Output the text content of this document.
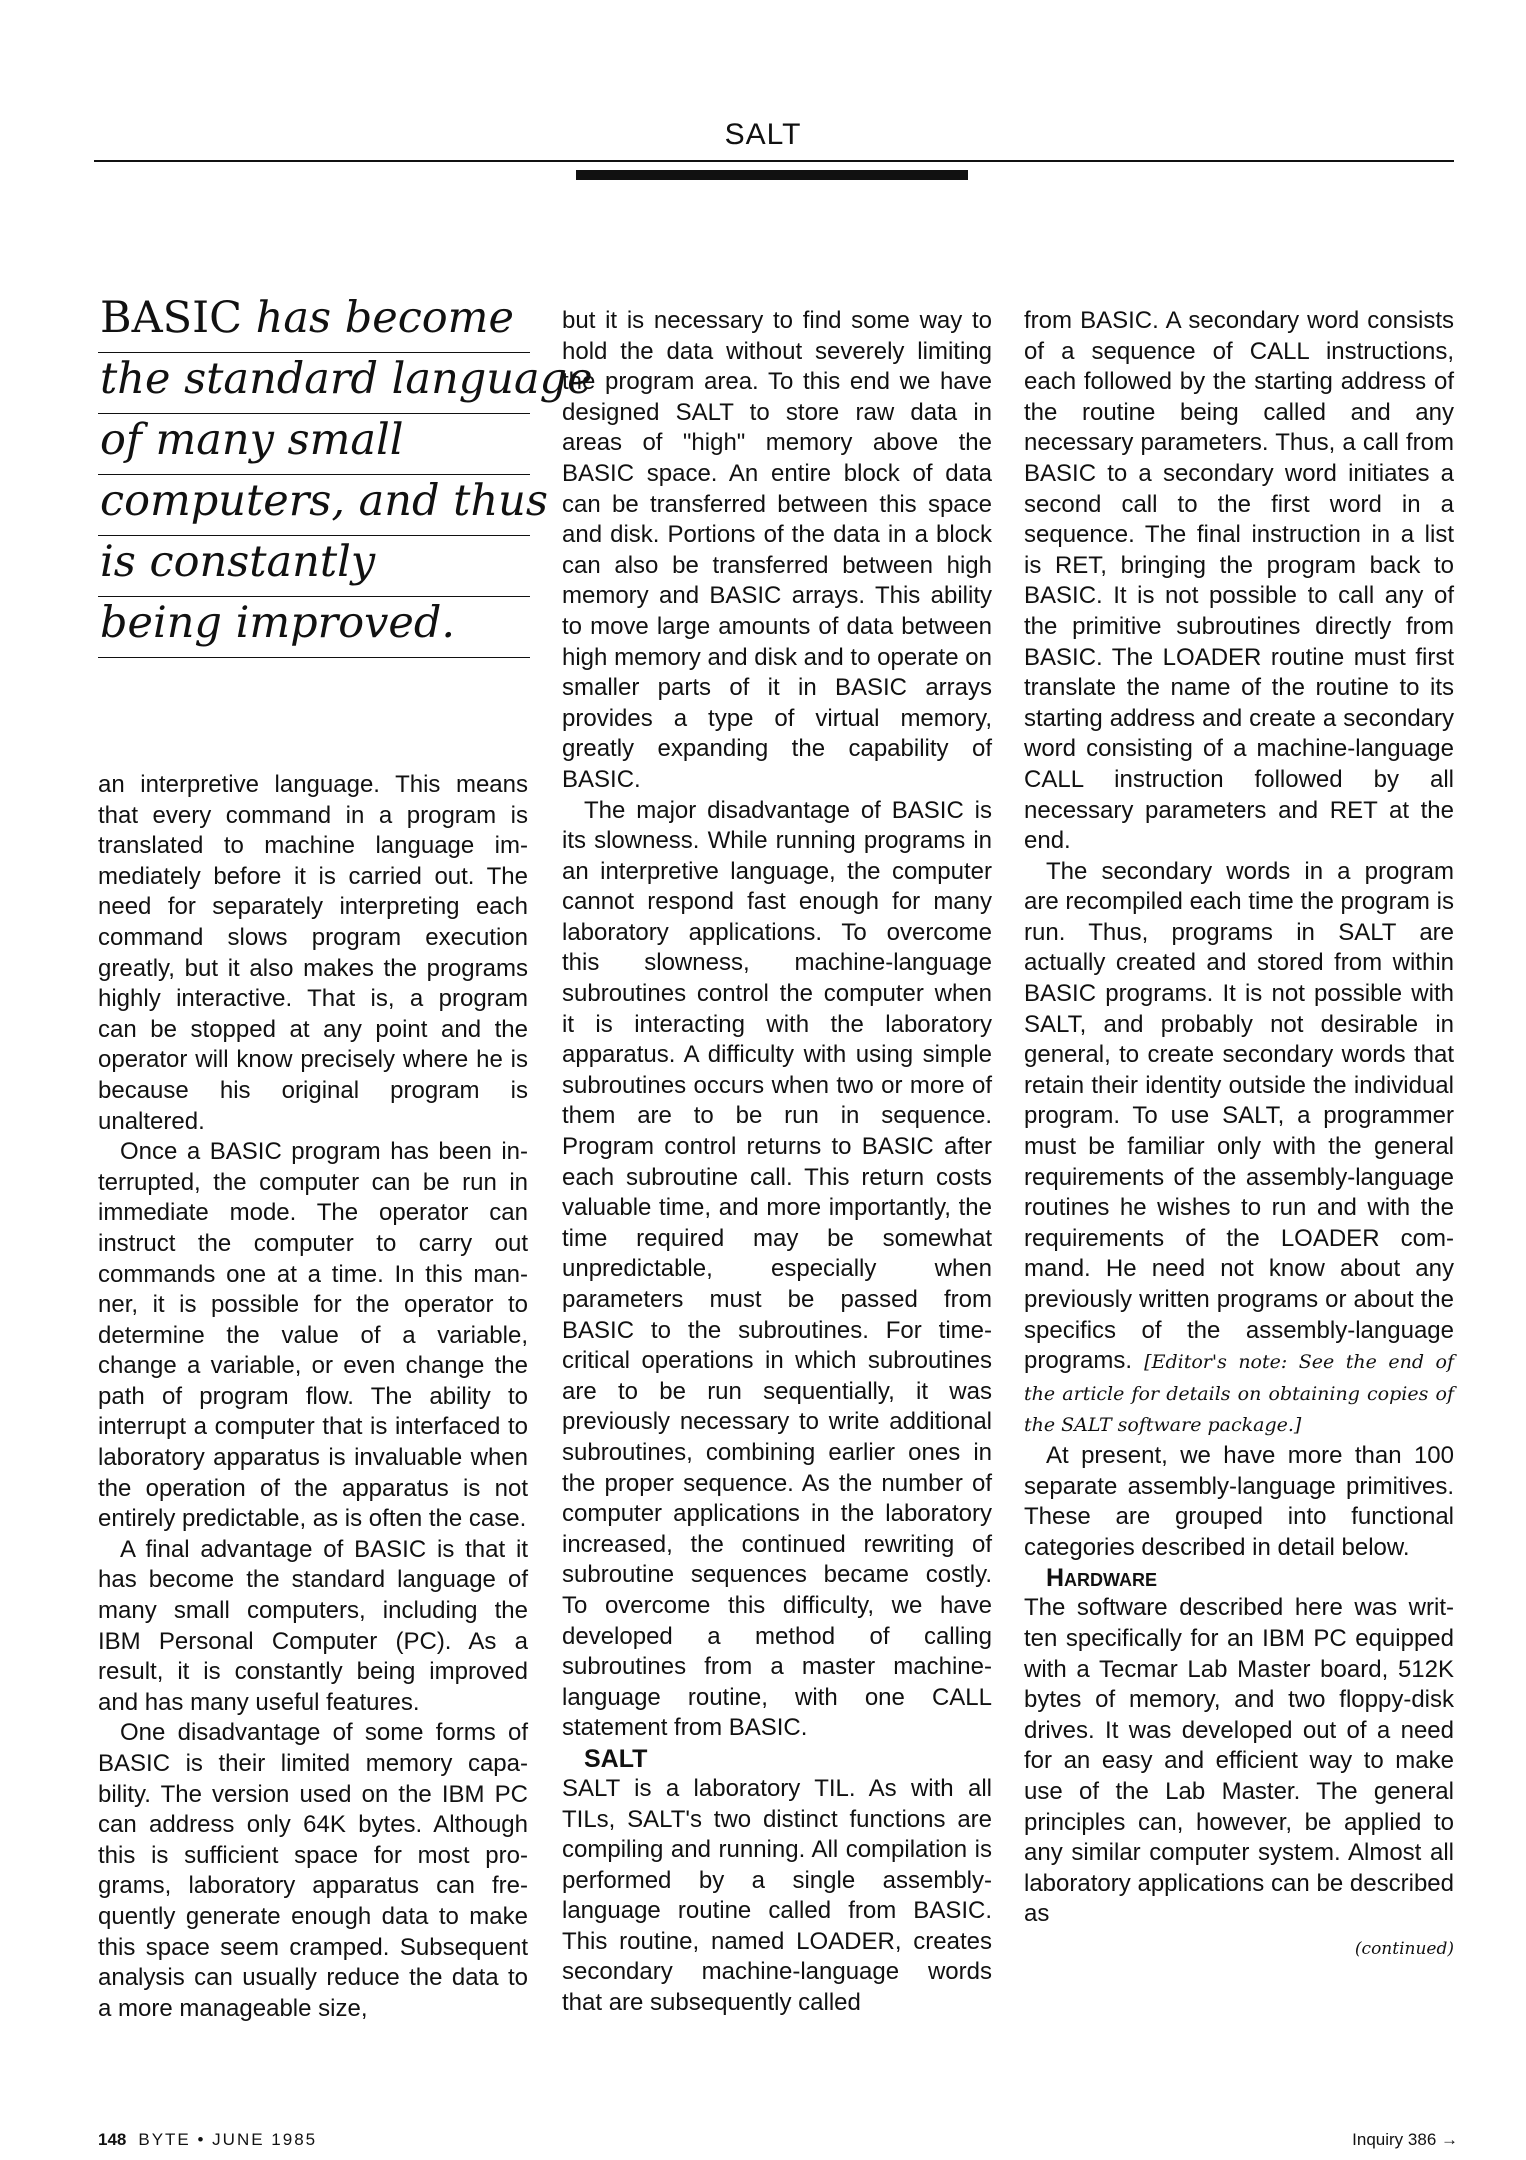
SALT
BASIC has become
the standard language
of many small
computers, and thus
is constantly
being improved.

an interpretive language. This means that every command in a program is translated to machine language immediately before it is carried out. The need for separately interpreting each command slows program execution greatly, but it also makes the programs highly interactive. That is, a program can be stopped at any point and the operator will know precisely where he is because his original program is unaltered.

Once a BASIC program has been interrupted, the computer can be run in immediate mode. The operator can instruct the computer to carry out commands one at a time. In this manner, it is possible for the operator to determine the value of a variable, change a variable, or even change the path of program flow. The ability to interrupt a computer that is interfaced to laboratory apparatus is invaluable when the operation of the apparatus is not entirely predictable, as is often the case.

A final advantage of BASIC is that it has become the standard language of many small computers, including the IBM Personal Computer (PC). As a result, it is constantly being improved and has many useful features.

One disadvantage of some forms of BASIC is their limited memory capability. The version used on the IBM PC can address only 64K bytes. Although this is sufficient space for most programs, laboratory apparatus can frequently generate enough data to make this space seem cramped. Subsequent analysis can usually reduce the data to a more manageable size,

but it is necessary to find some way to hold the data without severely limiting the program area. To this end we have designed SALT to store raw data in areas of "high" memory above the BASIC space. An entire block of data can be transferred between this space and disk. Portions of the data in a block can also be transferred between high memory and BASIC arrays. This ability to move large amounts of data between high memory and disk and to operate on smaller parts of it in BASIC arrays provides a type of virtual memory, greatly expanding the capability of BASIC.

The major disadvantage of BASIC is its slowness. While running programs in an interpretive language, the computer cannot respond fast enough for many laboratory applications. To overcome this slowness, machine-language subroutines control the computer when it is interacting with the laboratory apparatus. A difficulty with using simple subroutines occurs when two or more of them are to be run in sequence. Program control returns to BASIC after each subroutine call. This return costs valuable time, and more importantly, the time required may be somewhat unpredictable, especially when parameters must be passed from BASIC to the subroutines. For time-critical operations in which subroutines are to be run sequentially, it was previously necessary to write additional subroutines, combining earlier ones in the proper sequence. As the number of computer applications in the laboratory increased, the continued rewriting of subroutine sequences became costly. To overcome this difficulty, we have developed a method of calling subroutines from a master machine-language routine, with one CALL statement from BASIC.

SALT

SALT is a laboratory TIL. As with all TILs, SALT's two distinct functions are compiling and running. All compilation is performed by a single assembly-language routine called from BASIC. This routine, named LOADER, creates secondary machine-language words that are subsequently called

from BASIC. A secondary word consists of a sequence of CALL instructions, each followed by the starting address of the routine being called and any necessary parameters. Thus, a call from BASIC to a secondary word initiates a second call to the first word in a sequence. The final instruction in a list is RET, bringing the program back to BASIC. It is not possible to call any of the primitive subroutines directly from BASIC. The LOADER routine must first translate the name of the routine to its starting address and create a secondary word consisting of a machine-language CALL instruction followed by all necessary parameters and RET at the end.

The secondary words in a program are recompiled each time the program is run. Thus, programs in SALT are actually created and stored from within BASIC programs. It is not possible with SALT, and probably not desirable in general, to create secondary words that retain their identity outside the individual program. To use SALT, a programmer must be familiar only with the general requirements of the assembly-language routines he wishes to run and with the requirements of the LOADER command. He need not know about any previously written programs or about the specifics of the assembly-language programs. [Editor's note: See the end of the article for details on obtaining copies of the SALT software package.]

At present, we have more than 100 separate assembly-language primitives. These are grouped into functional categories described in detail below.

Hardware

The software described here was written specifically for an IBM PC equipped with a Tecmar Lab Master board, 512K bytes of memory, and two floppy-disk drives. It was developed out of a need for an easy and efficient way to make use of the Lab Master. The general principles can, however, be applied to any similar computer system. Almost all laboratory applications can be described as

(continued)
148 BYTE • JUNE 1985	Inquiry 386 →
